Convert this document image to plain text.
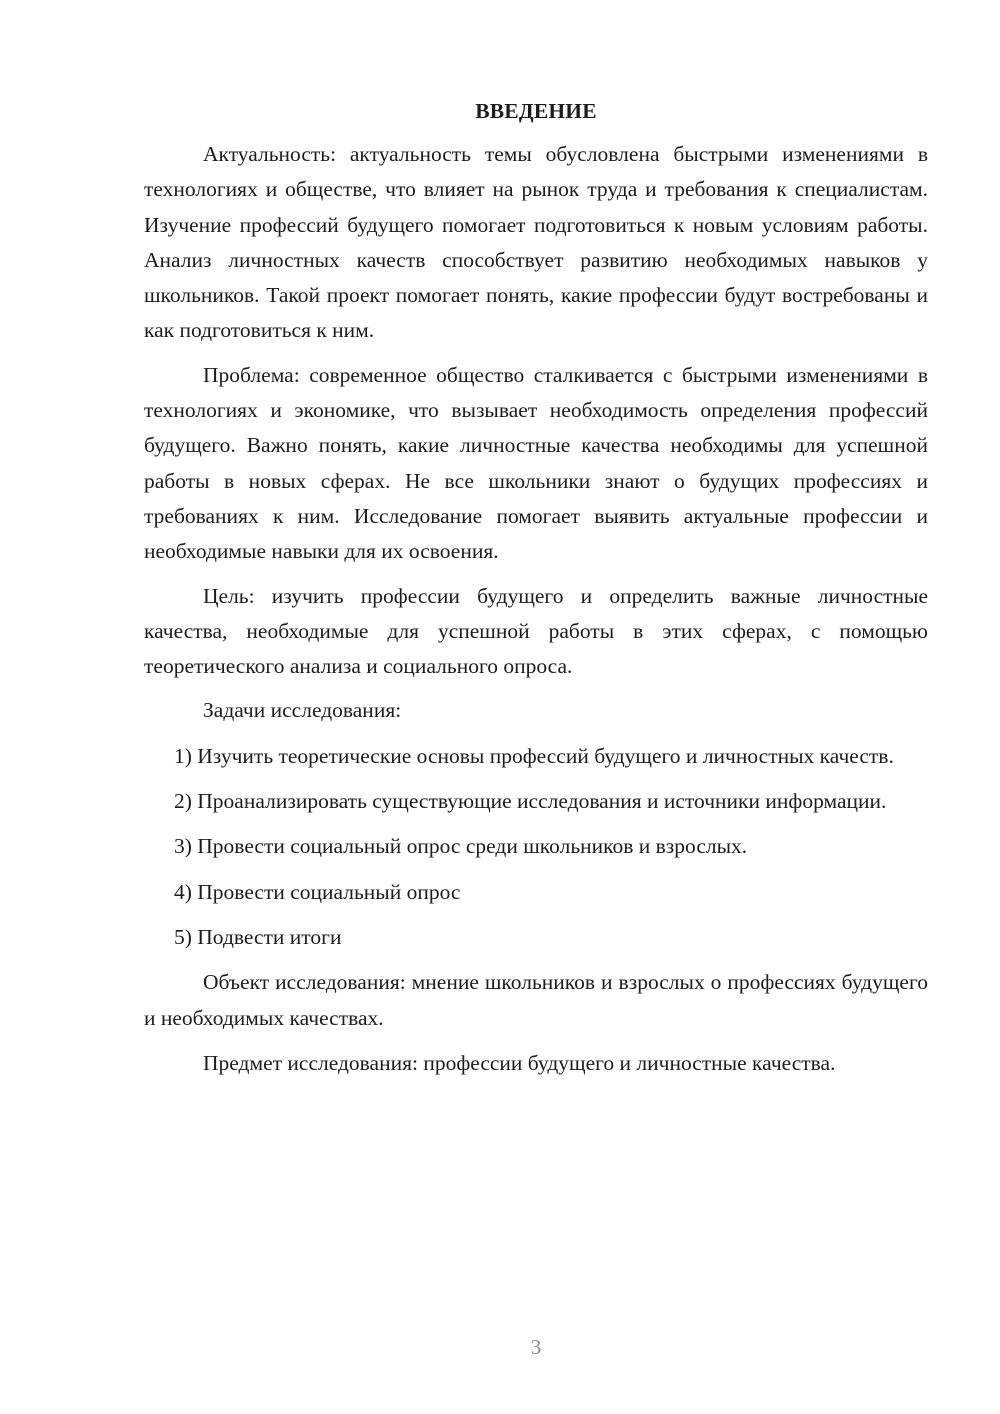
ВВЕДЕНИЕ

Актуальность: актуальность темы обусловлена быстрыми изменениями в технологиях и обществе, что влияет на рынок труда и требования к специалистам. Изучение профессий будущего помогает подготовиться к новым условиям работы. Анализ личностных качеств способствует развитию необходимых навыков у школьников. Такой проект помогает понять, какие профессии будут востребованы и как подготовиться к ним.

Проблема: современное общество сталкивается с быстрыми изменениями в технологиях и экономике, что вызывает необходимость определения профессий будущего. Важно понять, какие личностные качества необходимы для успешной работы в новых сферах. Не все школьники знают о будущих профессиях и требованиях к ним. Исследование помогает выявить актуальные профессии и необходимые навыки для их освоения.

Цель: изучить профессии будущего и определить важные личностные качества, необходимые для успешной работы в этих сферах, с помощью теоретического анализа и социального опроса.

Задачи исследования:

1) Изучить теоретические основы профессий будущего и личностных качеств.

2) Проанализировать существующие исследования и источники информации.

3) Провести социальный опрос среди школьников и взрослых.

4) Провести социальный опрос

5) Подвести итоги

Объект исследования: мнение школьников и взрослых о профессиях будущего и необходимых качествах.

Предмет исследования: профессии будущего и личностные качества.

3
